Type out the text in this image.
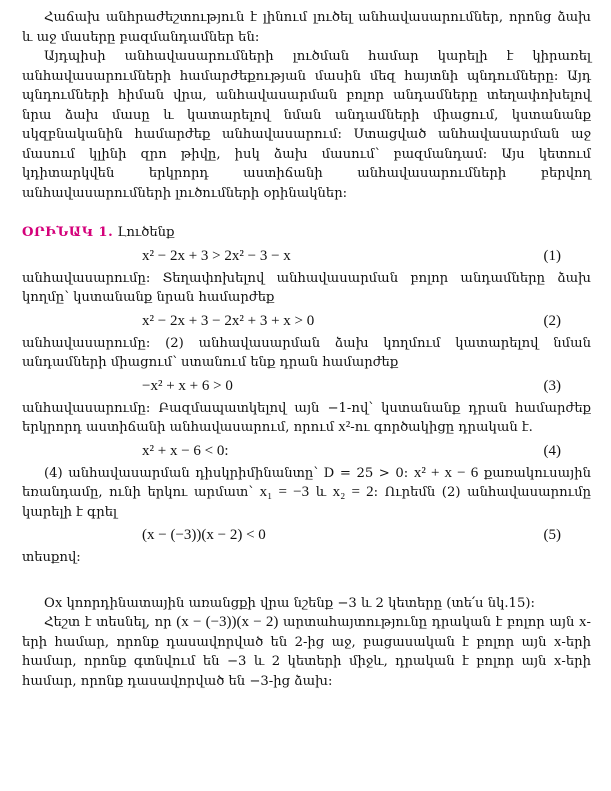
Հաճախ անհրաժեշտություն է լինում լուծել անհավասարումներ, որոնց ձախ և աջ մասերը բազմանդամներ են:

Այդպիսի անհավասարումների լուծման համար կարելի է կիրառել անհավասարումների համարժեքության մասին մեզ հայտնի պնդումները: Այդ պնդումների հիման վրա, անհավասարման բոլոր անդամները տեղափոխելով նրա ձախ մասը և կատարելով նման անդամների միացում, կստանանք սկզբնականին համարժեք անհավասարում: Ստացված անհավասարման աջ մասում կլինի զրո թիվը, իսկ ձախ մասում՝ բազմանդամ: Այս կետում կդիտարկվեն երկրորդ աստիճանի անհավասարումների բերվող անհավասարումների լուծումների օրինակներ:

ՕՐԻՆԱԿ 1. Լուծենք

x² − 2x + 3 > 2x² − 3 − x	(1)

անհավասարումը: Տեղափոխելով անհավասարման բոլոր անդամները ձախ կողմը՝ կստանանք նրան համարժեք

x² − 2x + 3 − 2x² + 3 + x > 0	(2)

անհավասարումը: (2) անհավասարման ձախ կողմում կատարելով նման անդամների միացում՝ ստանում ենք դրան համարժեք

−x² + x + 6 > 0	(3)

անհավասարումը: Բազմապատկելով այն −1-ով՝ կստանանք դրան համարժեք երկրորդ աստիճանի անհավասարում, որում x²-ու գործակիցը դրական է.

x² + x − 6 < 0:	(4)

(4) անհավասարման դիսկրիմինանտը՝ D = 25 > 0: x² + x − 6 քառակուսային եռանդամը, ունի երկու արմատ՝ x₁ = −3 և x₂ = 2: Ուրեմն (2) անհավասարումը կարելի է գրել

(x − (−3))(x − 2) < 0	(5)

տեսքով:

Ox կոորդինատային առանցքի վրա նշենք −3 և 2 կետերը (տե՛ս նկ.15):

Հեշտ է տեսնել, որ (x − (−3))(x − 2) արտահայտությունը դրական է բոլոր այն x-երի համար, որոնք դասավորված են 2-ից աջ, բացասական է բոլոր այն x-երի համար, որոնք գտնվում են −3 և 2 կետերի միջև, դրական է բոլոր այն x-երի համար, որոնք դասավորված են −3-ից ձախ:
